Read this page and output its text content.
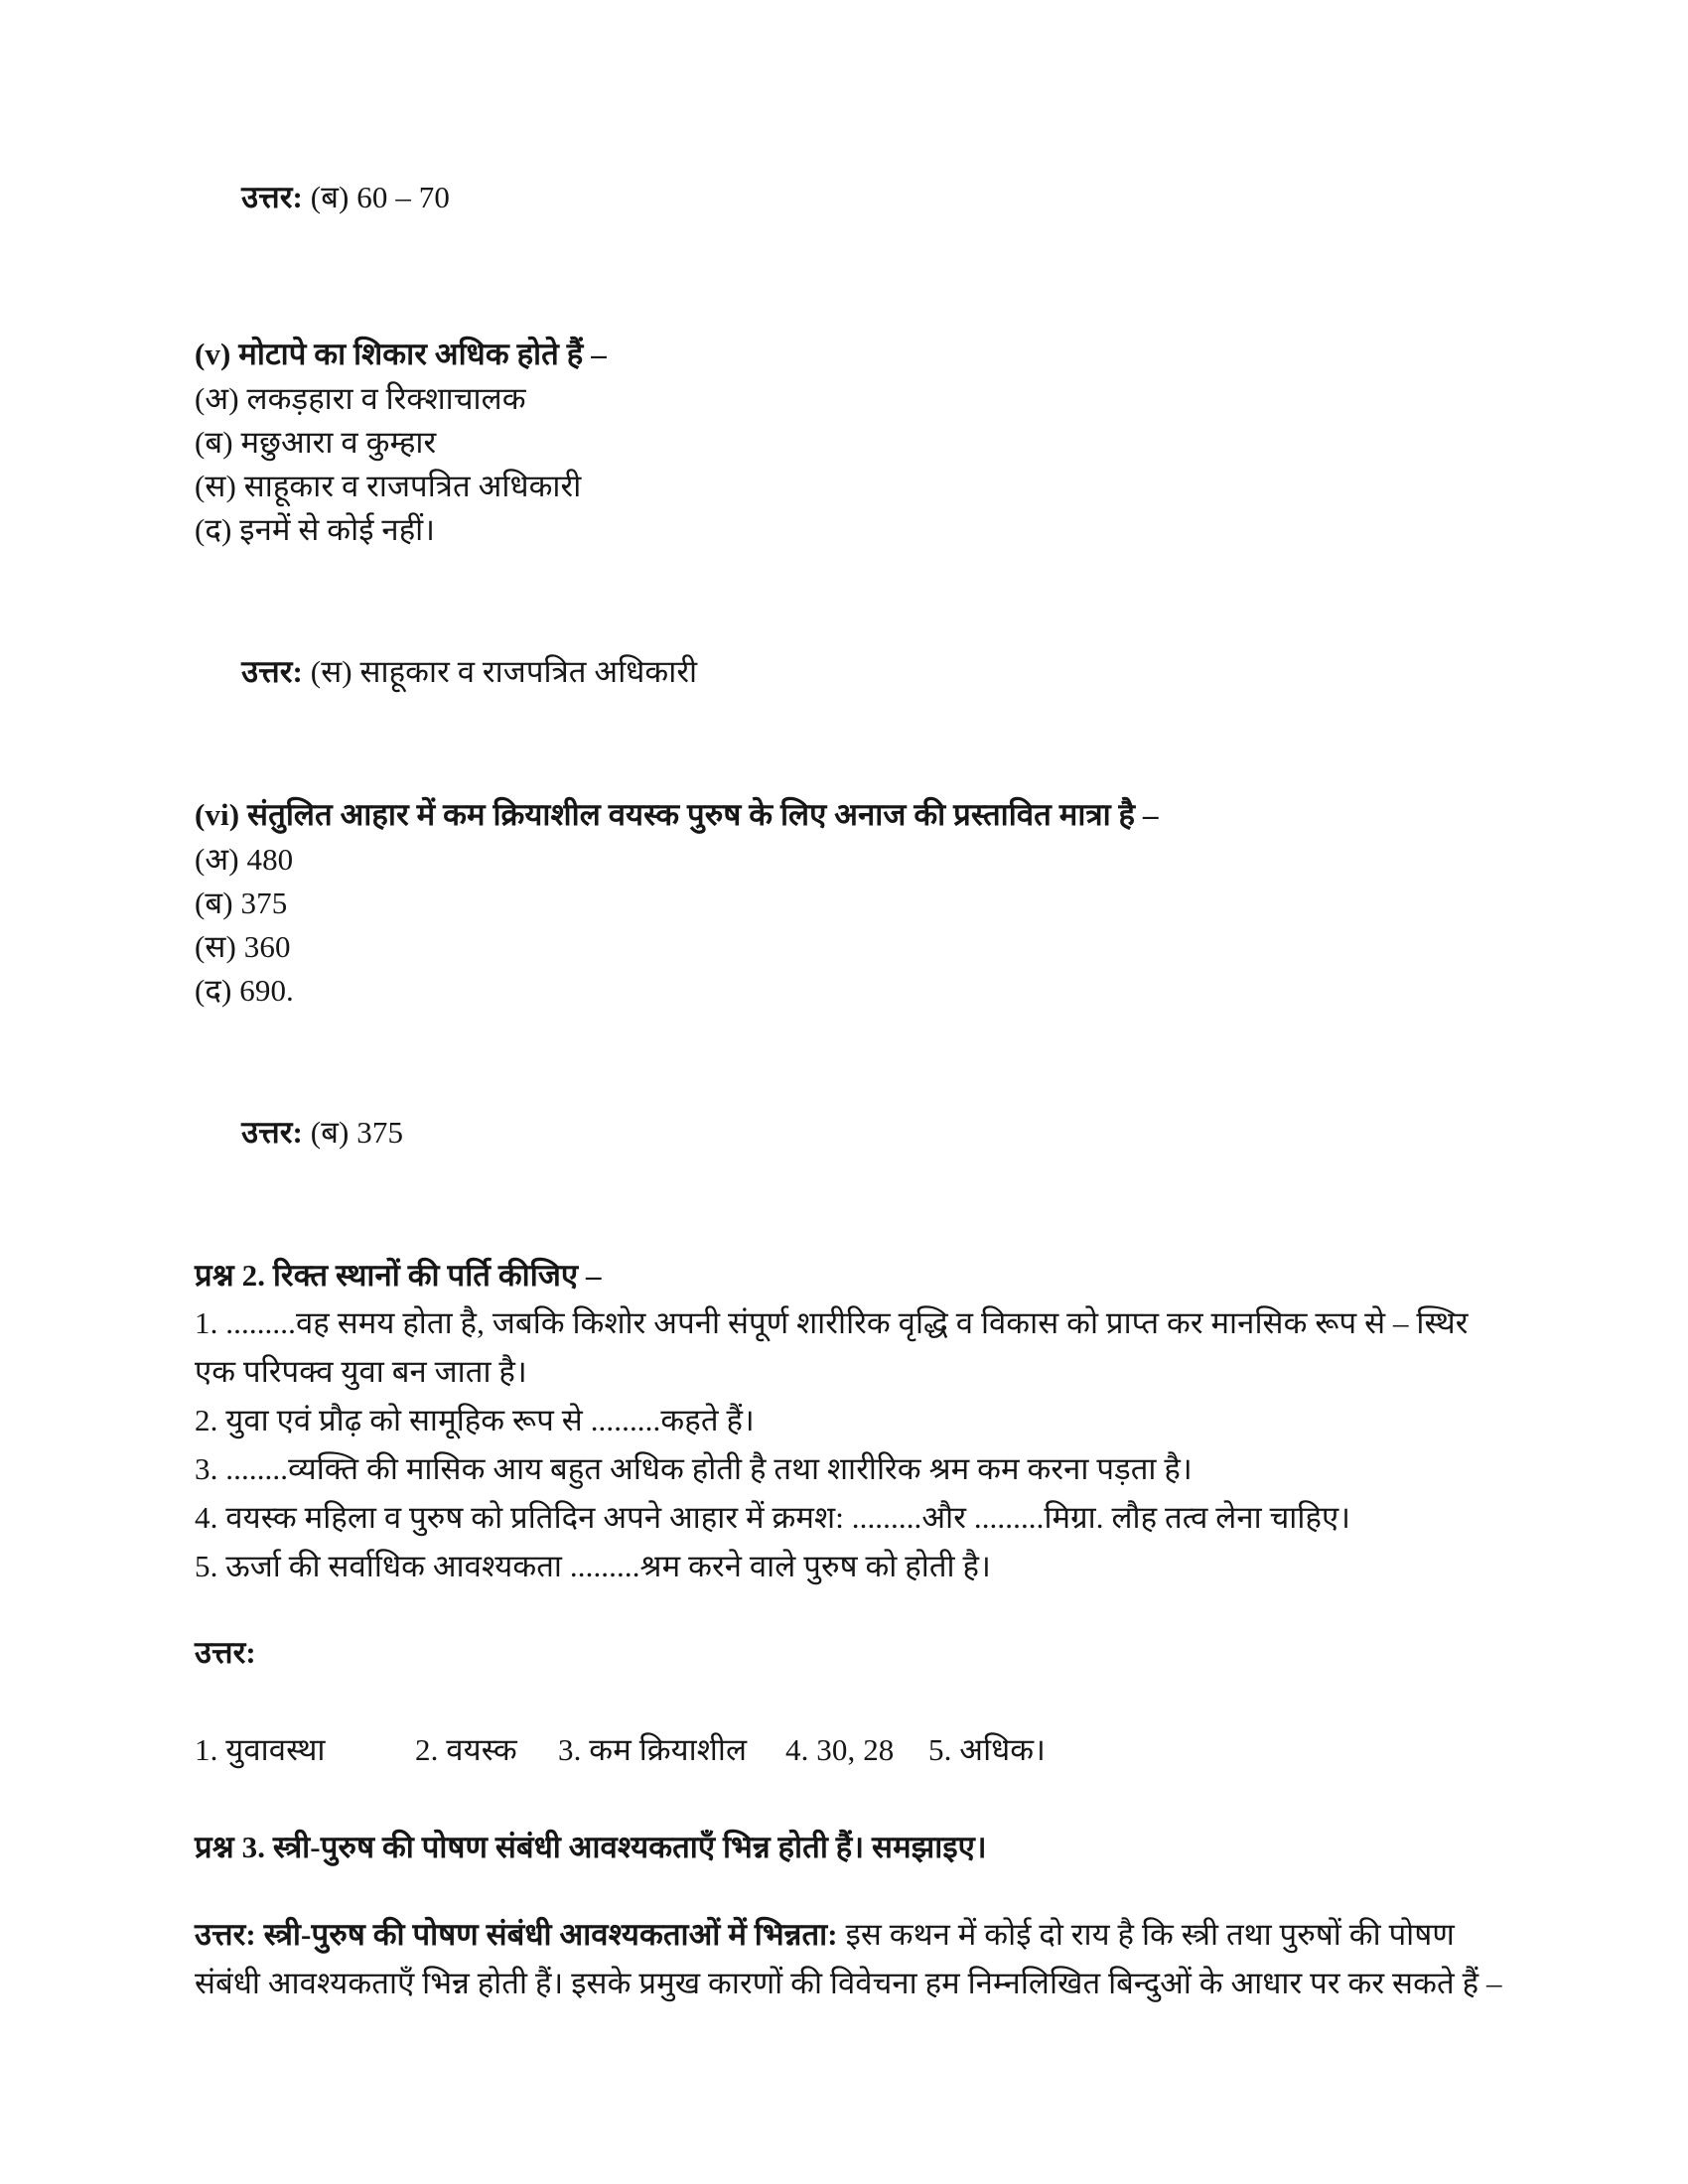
उत्तर: (ब) 60 – 70

(v) मोटापे का शिकार अधिक होते हैं –
(अ) लकड़हारा व रिक्शाचालक
(ब) मछुआरा व कुम्हार
(स) साहूकार व राजपत्रित अधिकारी
(द) इनमें से कोई नहीं।

उत्तर: (स) साहूकार व राजपत्रित अधिकारी

(vi) संतुलित आहार में कम क्रियाशील वयस्क पुरुष के लिए अनाज की प्रस्तावित मात्रा है –
(अ) 480
(ब) 375
(स) 360
(द) 690.

उत्तर: (ब) 375

प्रश्न 2. रिक्त स्थानों की पर्ति कीजिए –
1. .........वह समय होता है, जबकि किशोर अपनी संपूर्ण शारीरिक वृद्धि व विकास को प्राप्त कर मानसिक रूप से – स्थिर एक परिपक्व युवा बन जाता है।
2. युवा एवं प्रौढ़ को सामूहिक रूप से .........कहते हैं।
3. ........व्यक्ति की मासिक आय बहुत अधिक होती है तथा शारीरिक श्रम कम करना पड़ता है।
4. वयस्क महिला व पुरुष को प्रतिदिन अपने आहार में क्रमश: .........और .........मिग्रा. लौह तत्व लेना चाहिए।
5. ऊर्जा की सर्वाधिक आवश्यकता .........श्रम करने वाले पुरुष को होती है।
उत्तर:
1. युवावस्था	2. वयस्क	3. कम क्रियाशील	4. 30, 28	5. अधिक।
प्रश्न 3. स्त्री-पुरुष की पोषण संबंधी आवश्यकताएँ भिन्न होती हैं। समझाइए।
उत्तर: स्त्री-पुरुष की पोषण संबंधी आवश्यकताओं में भिन्नता: इस कथन में कोई दो राय है कि स्त्री तथा पुरुषों की पोषण संबंधी आवश्यकताएँ भिन्न होती हैं। इसके प्रमुख कारणों की विवेचना हम निम्नलिखित बिन्दुओं के आधार पर कर सकते हैं –
